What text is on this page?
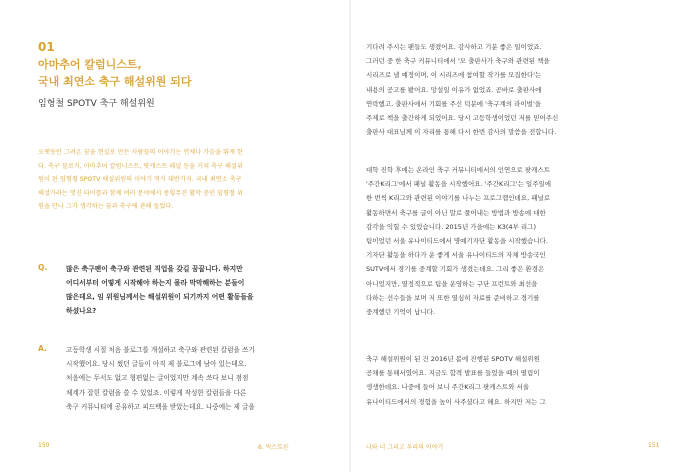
01
아마추어 칼럼니스트,
국내 최연소 축구 해설위원 되다
임형철 SPOTV 축구 해설위원
오랫동안 그려온 꿈을 현실로 만든 사람들의 이야기는 언제나 가슴을 뛰게 한
다. 축구 블로거, 아마추어 칼럼니스트, 팟캐스트 패널 등을 거쳐 축구 해설위
원이 된 임형철 SPOTV 해설위원의 이야기 역시 대반가지. 국내 최연소 축구
해설가라는 멋진 타이틀과 함께 여러 분야에서 종횡무진 활약 중인 임형철 위
원을 만나 그가 생각하는 꿈과 축구에 관해 들었다.
Q.	많은 축구팬이 축구와 관련된 직업을 갖길 꿈꿉니다. 하지만
어디서부터 어떻게 시작해야 하는지 몰라 막막해하는 분들이
많은데요, 임 위원님께서는 해설위원이 되기까지 어떤 활동들을
하셨나요?
A.	고등학생 시절 처음 블로그를 개설하고 축구와 관련된 칼럼을 쓰기
시작했어요. 당시 썼던 글들이 아직 제 블로그에 남아 있는데요.
처음에는 두서도 없고 형편없는 글이었지만 계속 쓰다 보니 점점
체계가 잡힌 칼럼을 쓸 수 있었죠. 이렇게 작성한 칼럼들을 다른
축구 커뮤니티에 공유하고 피드백을 받았는데요. 나중에는 제 글을
150	6. 릭스토른
기다려 주시는 팬들도 생겼어요. 감사하고 기분 좋은 일이었죠.
그러던 중 한 축구 커뮤니티에서 '모 출판사가 축구와 관련된 책을
시리즈로 낼 예정이며, 이 시리즈에 참여할 작가를 모집한다'는
내용의 공고를 봤어요. 망설일 이유가 없었죠. 곧바로 출판사에
연락했고, 출판사에서 기회를 주신 덕분에 '축구계의 라이벌'을
주제로 책을 출간하게 되었어요. 당시 고등학생이었던 저를 믿어주신
출판사 대표님께 이 자리를 통해 다시 한번 감사의 말씀을 전합니다.
대학 진학 후에는 온라인 축구 커뮤니티에서의 인연으로 팟캐스트
'주간K리그'에서 패널 활동을 시작했어요. '주간K리그'는 일주일에
한 번씩 K리그와 관련된 이야기를 나누는 프로그램인데요, 패널로
활동하면서 축구를 글이 아닌 말로 풀어내는 방법과 방송에 대한
감각을 익힐 수 있었습니다. 2015년 가을에는 K3(4부 리그)
팀이었던 서울 유나이티드에서 명예기자단 활동을 시작했습니다.
기자단 활동을 하다가 운 좋게 서울 유나이티드의 자체 방송국인
SUTV에서 경기를 중계할 기회가 생겼는데요. 그리 좋은 환경은
아니었지만, 열정적으로 팀을 운영하는 구단 프런트와 최선을
다하는 선수들을 보며 저 또한 열심히 자료를 준비하고 경기를
중계했던 기억이 납니다.
축구 해설위원이 된 건 2016년 봄에 진행된 SPOTV 해설위원
공채를 통해서였어요. 지금도 합격 발표를 들었을 때의 떨림이
생생한데요. 나중에 들어 보니 주간K리그 팟캐스트와 서울
유나이티드에서의 경험을 높이 사주셨다고 해요. 하지만 저는 그
나와 너 그리고 우리의 이야기	151
